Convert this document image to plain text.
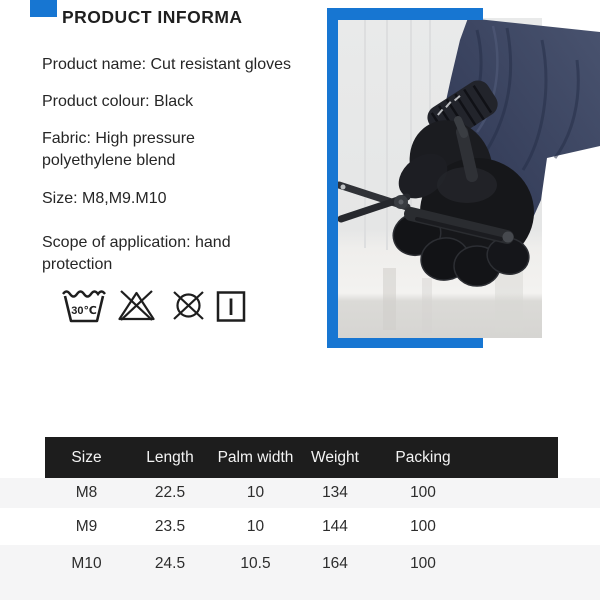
PRODUCT INFORMA
Product name: Cut resistant gloves
Product colour: Black
Fabric: High pressure
polyethylene blend
Size: M8,M9.M10
Scope of application: hand
protection
30℃
Size	Length	Palm width	Weight	Packing
M8	22.5	10	134	100
M9	23.5	10	144	100
M10	24.5	10.5	164	100
